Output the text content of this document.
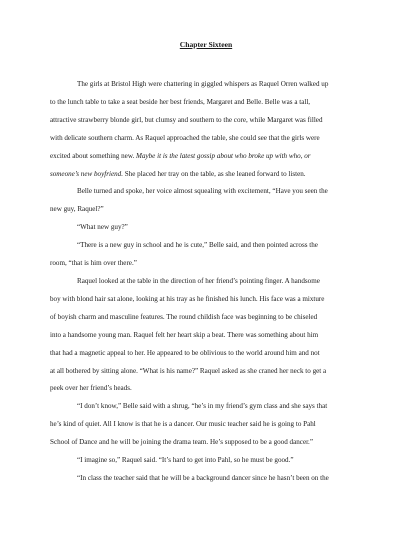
Chapter Sixteen

The girls at Bristol High were chattering in giggled whispers as Raquel Orren walked up
to the lunch table to take a seat beside her best friends, Margaret and Belle. Belle was a tall,
attractive strawberry blonde girl, but clumsy and southern to the core, while Margaret was filled
with delicate southern charm. As Raquel approached the table, she could see that the girls were
excited about something new. Maybe it is the latest gossip about who broke up with who, or
someone’s new boyfriend. She placed her tray on the table, as she leaned forward to listen.

Belle turned and spoke, her voice almost squealing with excitement, “Have you seen the
new guy, Raquel?”

“What new guy?”

“There is a new guy in school and he is cute,” Belle said, and then pointed across the
room, “that is him over there.”

Raquel looked at the table in the direction of her friend’s pointing finger. A handsome
boy with blond hair sat alone, looking at his tray as he finished his lunch. His face was a mixture
of boyish charm and masculine features. The round childish face was beginning to be chiseled
into a handsome young man. Raquel felt her heart skip a beat. There was something about him
that had a magnetic appeal to her. He appeared to be oblivious to the world around him and not
at all bothered by sitting alone. “What is his name?” Raquel asked as she craned her neck to get a
peek over her friend’s heads.

“I don’t know,” Belle said with a shrug, “he’s in my friend’s gym class and she says that
he’s kind of quiet. All I know is that he is a dancer. Our music teacher said he is going to Pahl
School of Dance and he will be joining the drama team. He’s supposed to be a good dancer.”

“I imagine so,” Raquel said. “It’s hard to get into Pahl, so he must be good.”

“In class the teacher said that he will be a background dancer since he hasn’t been on the
